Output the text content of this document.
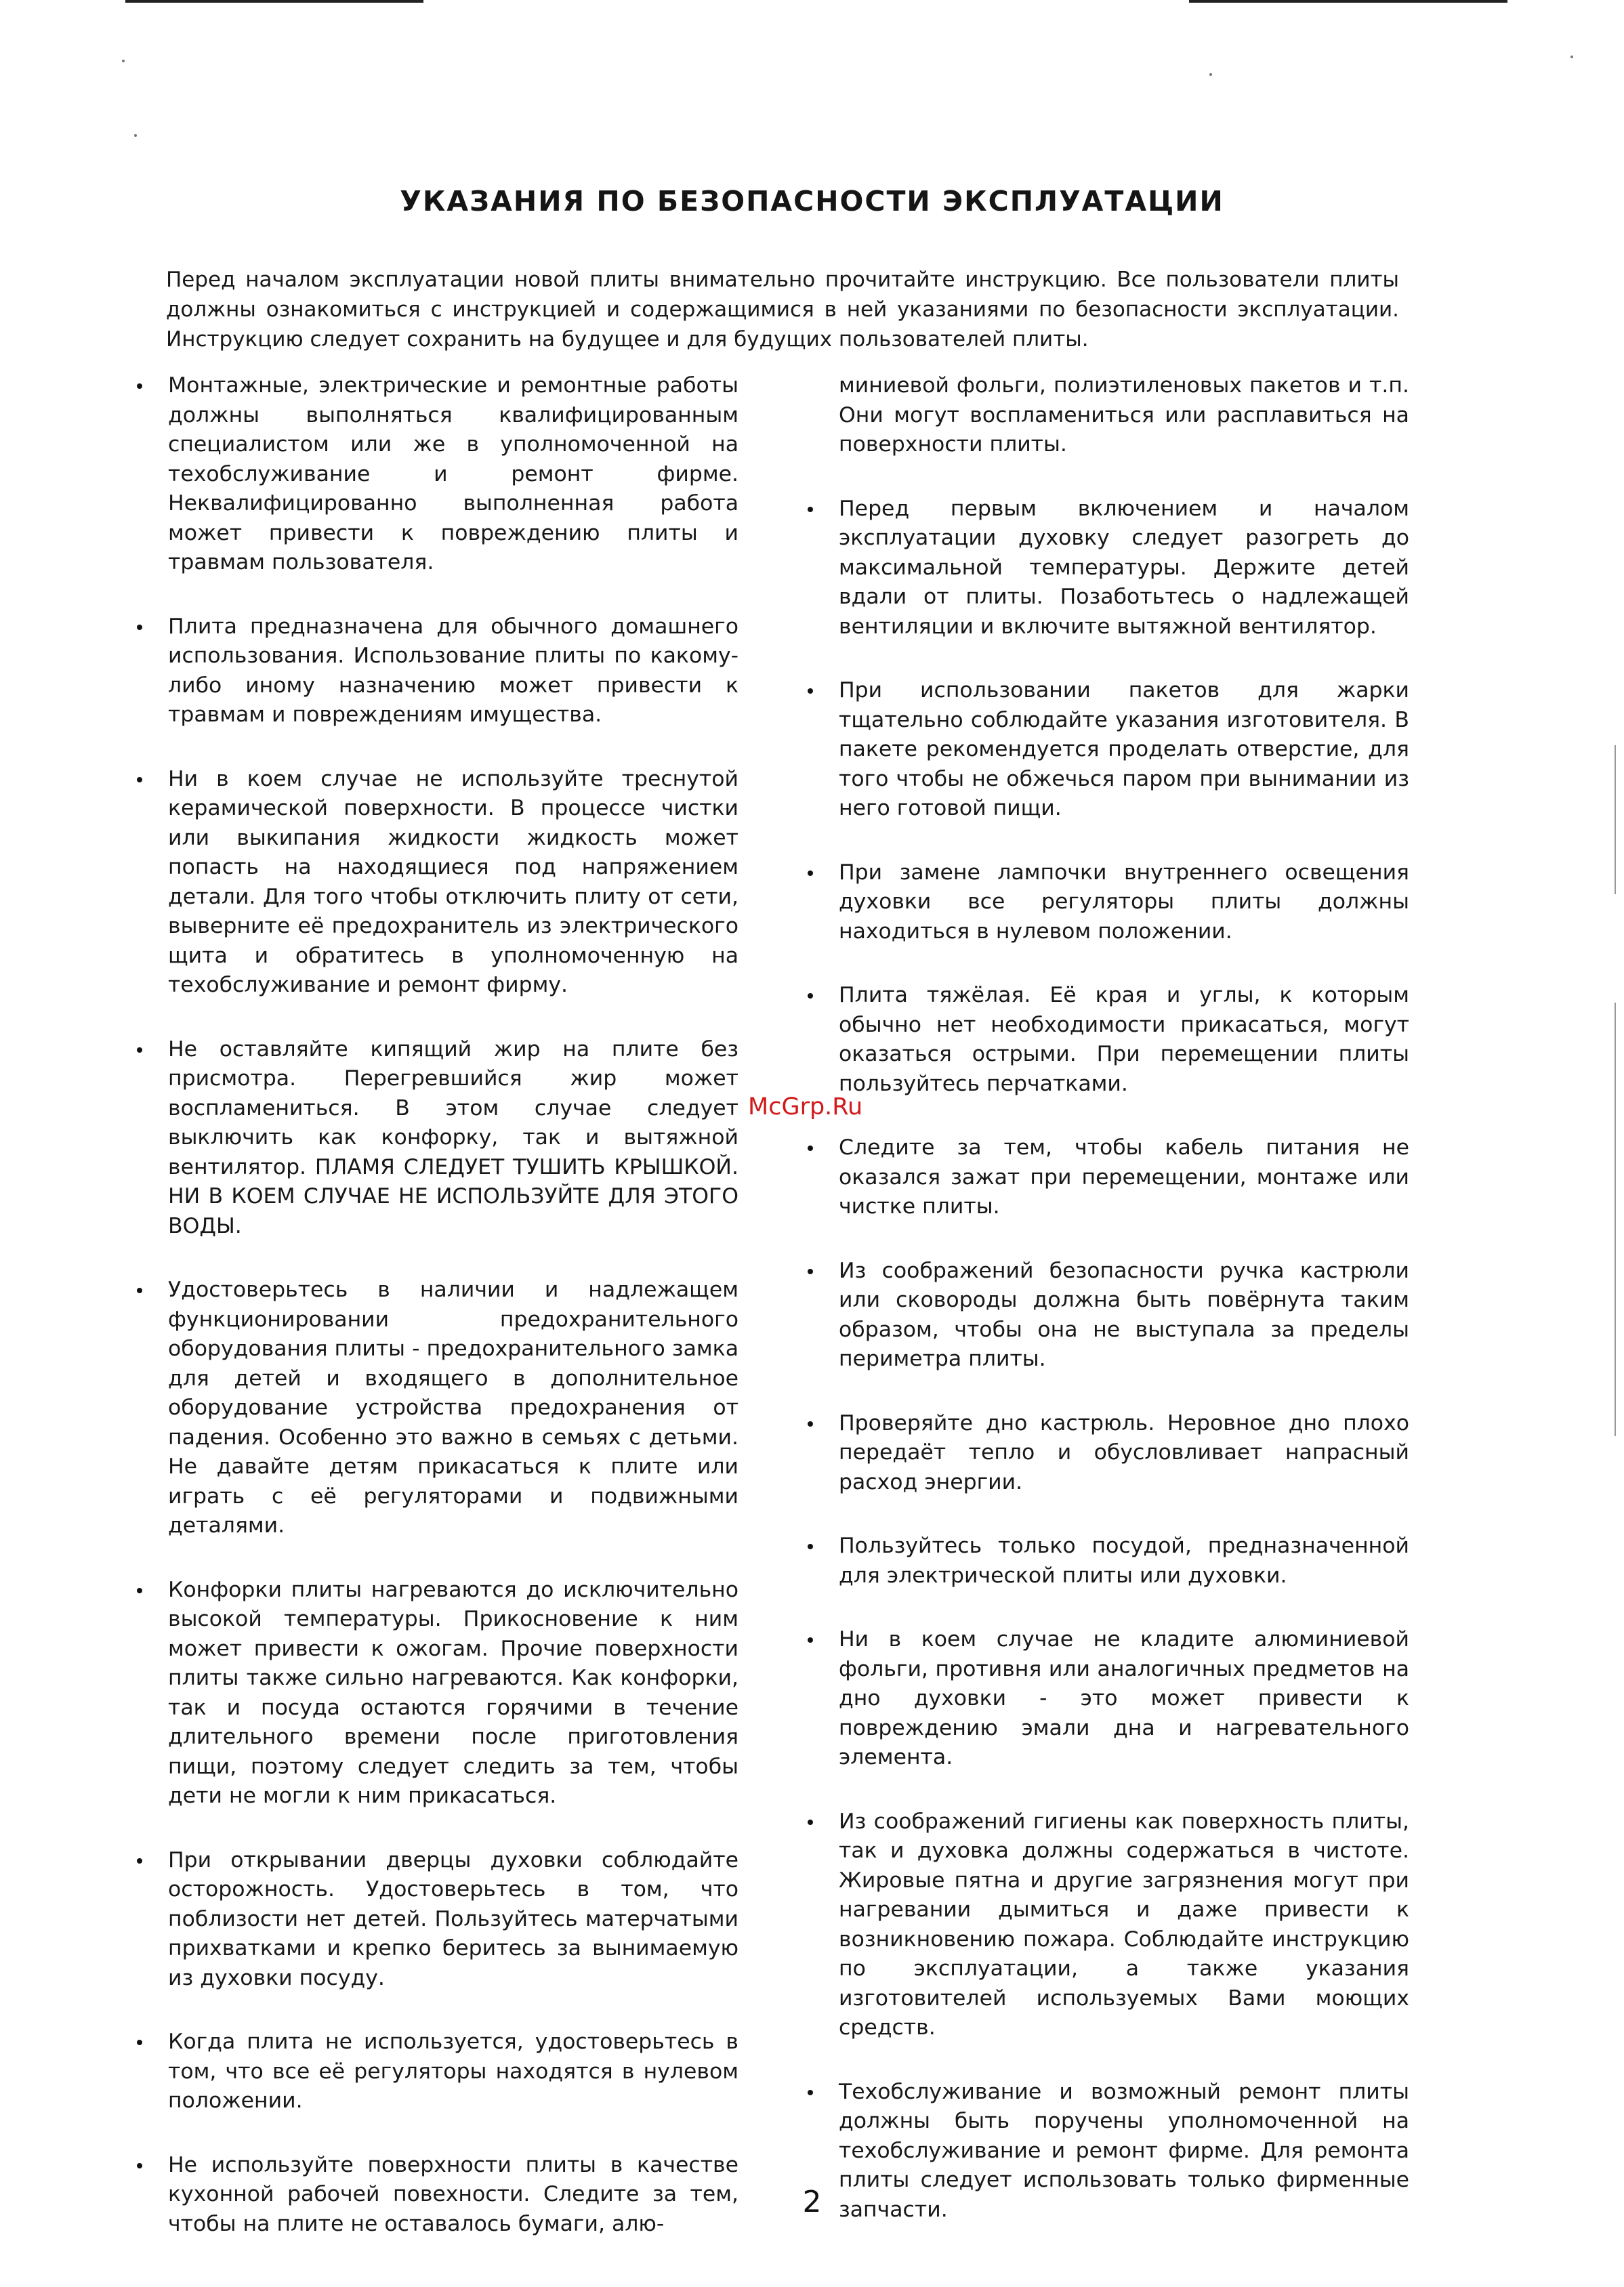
УКАЗАНИЯ ПО БЕЗОПАСНОСТИ ЭКСПЛУАТАЦИИ

Перед началом эксплуатации новой плиты внимательно прочитайте инструкцию. Все пользователи плиты должны ознакомиться с инструкцией и содержащимися в ней указаниями по безопасности эксплуатации. Инструкцию следует сохранить на будущее и для будущих пользователей плиты.

Монтажные, электрические и ремонтные работы должны выполняться квалифицированным специалистом или же в уполномоченной на техобслуживание и ремонт фирме. Неквалифицированно выполненная работа может привести к повреждению плиты и травмам пользователя.
Плита предназначена для обычного домашнего использования. Использование плиты по какому-либо иному назначению может привести к травмам и повреждениям имущества.
Ни в коем случае не используйте треснутой керамической поверхности. В процессе чистки или выкипания жидкости жидкость может попасть на находящиеся под напряжением детали. Для того чтобы отключить плиту от сети, выверните её предохранитель из электрического щита и обратитесь в уполномоченную на техобслуживание и ремонт фирму.
Не оставляйте кипящий жир на плите без присмотра. Перегревшийся жир может воспламениться. В этом случае следует выключить как конфорку, так и вытяжной вентилятор. ПЛАМЯ СЛЕДУЕТ ТУШИТЬ КРЫШКОЙ. НИ В КОЕМ СЛУЧАЕ НЕ ИСПОЛЬЗУЙТЕ ДЛЯ ЭТОГО ВОДЫ.
Удостоверьтесь в наличии и надлежащем функционировании предохранительного оборудования плиты - предохранительного замка для детей и входящего в дополнительное оборудование устройства предохранения от падения. Особенно это важно в семьях с детьми. Не давайте детям прикасаться к плите или играть с её регуляторами и подвижными деталями.
Конфорки плиты нагреваются до исключительно высокой температуры. Прикосновение к ним может привести к ожогам. Прочие поверхности плиты также сильно нагреваются. Как конфорки, так и посуда остаются горячими в течение длительного времени после приготовления пищи, поэтому следует следить за тем, чтобы дети не могли к ним прикасаться.
При открывании дверцы духовки соблюдайте осторожность. Удостоверьтесь в том, что поблизости нет детей. Пользуйтесь матерчатыми прихватками и крепко беритесь за вынимаемую из духовки посуду.
Когда плита не используется, удостоверьтесь в том, что все её регуляторы находятся в нулевом положении.
Не используйте поверхности плиты в качестве кухонной рабочей повехности. Следите за тем, чтобы на плите не оставалось бумаги, алю-
миниевой фольги, полиэтиленовых пакетов и т.п. Они могут воспламениться или расплавиться на поверхности плиты.
Перед первым включением и началом эксплуатации духовку следует разогреть до максимальной температуры. Держите детей вдали от плиты. Позаботьтесь о надлежащей вентиляции и включите вытяжной вентилятор.
При использовании пакетов для жарки тщательно соблюдайте указания изготовителя. В пакете рекомендуется проделать отверстие, для того чтобы не обжечься паром при вынимании из него готовой пищи.
При замене лампочки внутреннего освещения духовки все регуляторы плиты должны находиться в нулевом положении.
Плита тяжёлая. Её края и углы, к которым обычно нет необходимости прикасаться, могут оказаться острыми. При перемещении плиты пользуйтесь перчатками.
Следите за тем, чтобы кабель питания не оказался зажат при перемещении, монтаже или чистке плиты.
Из соображений безопасности ручка кастрюли или сковороды должна быть повёрнута таким образом, чтобы она не выступала за пределы периметра плиты.
Проверяйте дно кастрюль. Неровное дно плохо передаёт тепло и обусловливает напрасный расход энергии.
Пользуйтесь только посудой, предназначенной для электрической плиты или духовки.
Ни в коем случае не кладите алюминиевой фольги, противня или аналогичных предметов на дно духовки - это может привести к повреждению эмали дна и нагревательного элемента.
Из соображений гигиены как поверхность плиты, так и духовка должны содержаться в чистоте. Жировые пятна и другие загрязнения могут при нагревании дымиться и даже привести к возникновению пожара. Соблюдайте инструкцию по эксплуатации, а также указания изготовителей используемых Вами моющих средств.
Техобслуживание и возможный ремонт плиты должны быть поручены уполномоченной на техобслуживание и ремонт фирме. Для ремонта плиты следует использовать только фирменные запчасти.
McGrp.Ru
2
